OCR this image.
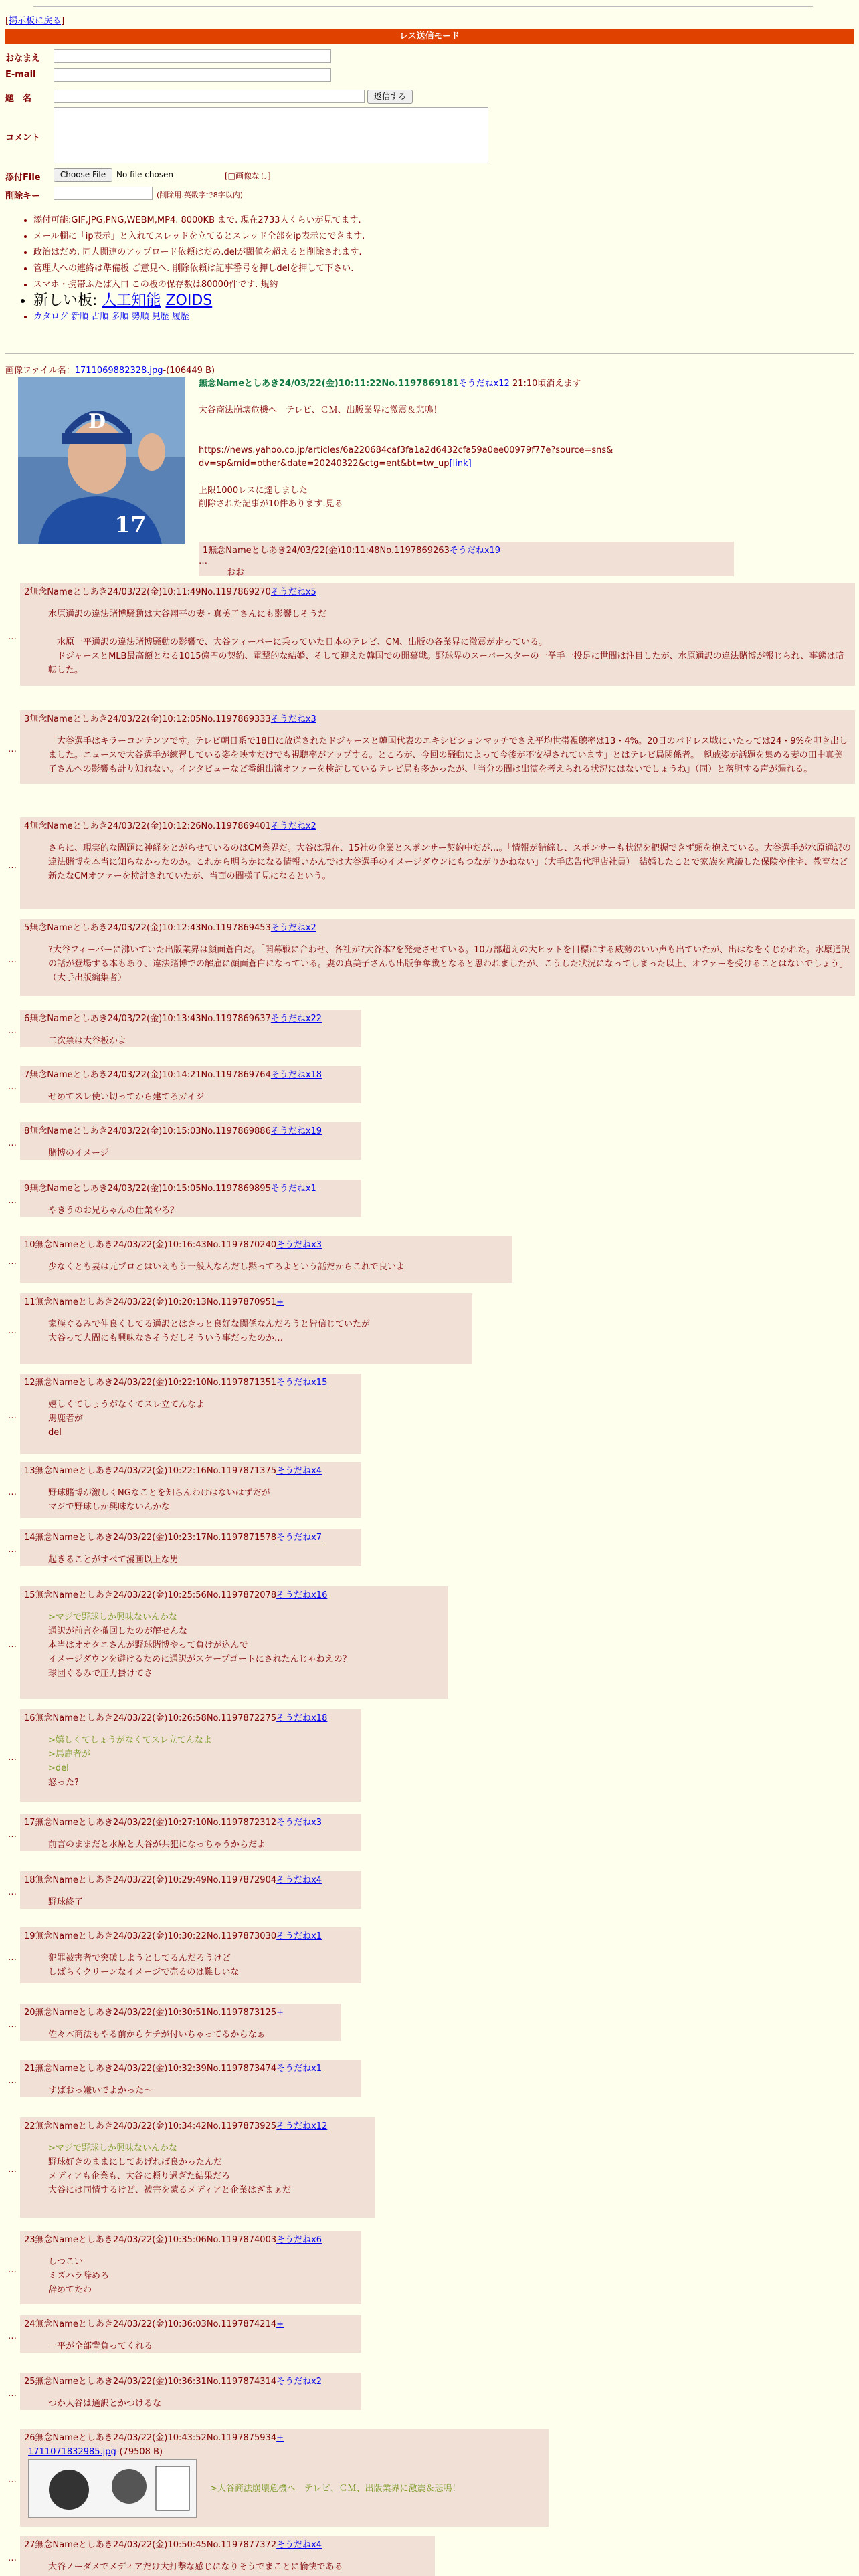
[掲示板に戻る]
レス送信モード
おなまえ
E-mail
題　名	返信する
コメント
添付File	Choose File	No file chosen	[□画像なし]
削除キー	(削除用.英数字で8字以内)
• 添付可能:GIF,JPG,PNG,WEBM,MP4. 8000KB まで. 現在2733人くらいが見てます.
• メール欄に「ip表示」と入れてスレッドを立てるとスレッド全部をip表示にできます.
• 政治はだめ. 同人関連のアップロード依頼はだめ.delが閾値を超えると削除されます.
• 管理人への連絡は準備板 ご意見へ. 削除依頼は記事番号を押しdelを押して下さい.
• スマホ・携帯ふたば入口 この板の保存数は80000件です. 規約
• 新しい板: 人工知能 ZOIDS
• カタログ 新順 古順 多順 勢順 見歴 履歴
画像ファイル名：1711069882328.jpg-(106449 B)
D
17
無念Nameとしあき24/03/22(金)10:11:22No.1197869181そうだねx12 21:10頃消えます
大谷商法崩壊危機へ　テレビ、ＣＭ、出版業界に激震＆悲鳴！
https://news.yahoo.co.jp/articles/6a220684caf3fa1a2d6432cfa59a0ee00979f77e?source=sns&dv=sp&mid=other&date=20240322&ctg=ent&bt=tw_up[link]
上限1000レスに達しました
削除された記事が10件あります.見る
1無念Nameとしあき24/03/22(金)10:11:48No.1197869263そうだねx19
おお
…
2無念Nameとしあき24/03/22(金)10:11:49No.1197869270そうだねx5
水原通訳の違法賭博騒動は大谷翔平の妻・真美子さんにも影響しそうだ

　水原一平通訳の違法賭博騒動の影響で、大谷フィーバーに乗っていた日本のテレビ、CM、出版の各業界に激震が走っている。
　ドジャースとMLB最高額となる1015億円の契約、電撃的な結婚、そして迎えた韓国での開幕戦。野球界のスーパースターの一挙手一投足に世間は注目したが、水原通訳の違法賭博が報じられ、事態は暗転した。
…
3無念Nameとしあき24/03/22(金)10:12:05No.1197869333そうだねx3
「大谷選手はキラーコンテンツです。テレビ朝日系で18日に放送されたドジャースと韓国代表のエキシビションマッチでさえ平均世帯視聴率は13・4%。20日のパドレス戦にいたっては24・9%を叩き出しました。ニュースで大谷選手が練習している姿を映すだけでも視聴率がアップする。ところが、今回の騒動によって今後が不安視されています」とはテレビ局関係者。　親戚姿が話題を集める妻の田中真美子さんへの影響も計り知れない。インタビューなど番組出演オファーを検討しているテレビ局も多かったが、「当分の間は出演を考えられる状況にはないでしょうね」（同）と落胆する声が漏れる。
…
4無念Nameとしあき24/03/22(金)10:12:26No.1197869401そうだねx2
さらに、現実的な問題に神経をとがらせているのはCM業界だ。大谷は現在、15社の企業とスポンサー契約中だが…。「情報が錯綜し、スポンサーも状況を把握できず頭を抱えている。大谷選手が水原通訳の違法賭博を本当に知らなかったのか。これから明らかになる情報いかんでは大谷選手のイメージダウンにもつながりかねない」（大手広告代理店社員）　結婚したことで家族を意識した保険や住宅、教育など新たなCMオファーを検討されていたが、当面の間様子見になるという。
…
5無念Nameとしあき24/03/22(金)10:12:43No.1197869453そうだねx2
?大谷フィーバーに沸いていた出版業界は顔面蒼白だ。「開幕戦に合わせ、各社が?大谷本?を発売させている。10万部超えの大ヒットを目標にする威勢のいい声も出ていたが、出はなをくじかれた。水原通訳の話が登場する本もあり、違法賭博での解雇に顔面蒼白になっている。妻の真美子さんも出版争奪戦となると思われましたが、こうした状況になってしまった以上、オファーを受けることはないでしょう」（大手出版編集者）
…
6無念Nameとしあき24/03/22(金)10:13:43No.1197869637そうだねx22
二次禁は大谷板かよ
…
7無念Nameとしあき24/03/22(金)10:14:21No.1197869764そうだねx18
せめてスレ使い切ってから建てろガイジ
…
8無念Nameとしあき24/03/22(金)10:15:03No.1197869886そうだねx19
賭博のイメージ
…
9無念Nameとしあき24/03/22(金)10:15:05No.1197869895そうだねx1
やきうのお兄ちゃんの仕業やろ？
…
10無念Nameとしあき24/03/22(金)10:16:43No.1197870240そうだねx3
少なくとも妻は元プロとはいえもう一般人なんだし黙ってろよという話だからこれで良いよ
…
11無念Nameとしあき24/03/22(金)10:20:13No.1197870951+
家族ぐるみで仲良くしてる通訳とはきっと良好な関係なんだろうと皆信じていたが
大谷って人間にも興味なさそうだしそういう事だったのか…
…
12無念Nameとしあき24/03/22(金)10:22:10No.1197871351そうだねx15
嬉しくてしょうがなくてスレ立てんなよ
馬鹿者が
del
…
13無念Nameとしあき24/03/22(金)10:22:16No.1197871375そうだねx4
野球賭博が激しくNGなことを知らんわけはないはずだが
マジで野球しか興味ないんかな
…
14無念Nameとしあき24/03/22(金)10:23:17No.1197871578そうだねx7
起きることがすべて漫画以上な男
…
15無念Nameとしあき24/03/22(金)10:25:56No.1197872078そうだねx16
>マジで野球しか興味ないんかな
通訳が前言を撤回したのが解せんな
本当はオオタニさんが野球賭博やって負けが込んで
イメージダウンを避けるために通訳がスケープゴートにされたんじゃねえの？
球団ぐるみで圧力掛けてさ
…
16無念Nameとしあき24/03/22(金)10:26:58No.1197872275そうだねx18
>嬉しくてしょうがなくてスレ立てんなよ
>馬鹿者が
>del
怒った?
…
17無念Nameとしあき24/03/22(金)10:27:10No.1197872312そうだねx3
前言のままだと水原と大谷が共犯になっちゃうからだよ
…
18無念Nameとしあき24/03/22(金)10:29:49No.1197872904そうだねx4
野球終了
…
19無念Nameとしあき24/03/22(金)10:30:22No.1197873030そうだねx1
犯罪被害者で突破しようとしてるんだろうけど
しばらくクリーンなイメージで売るのは難しいな
…
20無念Nameとしあき24/03/22(金)10:30:51No.1197873125+
佐々木商法もやる前からケチが付いちゃってるからなぁ
…
21無念Nameとしあき24/03/22(金)10:32:39No.1197873474そうだねx1
すばおっ嫌いでよかった〜
…
22無念Nameとしあき24/03/22(金)10:34:42No.1197873925そうだねx12
>マジで野球しか興味ないんかな
野球好きのままにしてあげれば良かったんだ
メディアも企業も、大谷に頼り過ぎた結果だろ
大谷には同情するけど、被害を蒙るメディアと企業はざまぁだ
…
23無念Nameとしあき24/03/22(金)10:35:06No.1197874003そうだねx6
しつこい
ミズハラ辞めろ
辞めてたわ
…
24無念Nameとしあき24/03/22(金)10:36:03No.1197874214+
一平が全部背負ってくれる
…
25無念Nameとしあき24/03/22(金)10:36:31No.1197874314そうだねx2
つか大谷は通訳とかつけるな
…
26無念Nameとしあき24/03/22(金)10:43:52No.1197875934+
1711071832985.jpg-(79508 B)
>大谷商法崩壊危機へ　テレビ、ＣＭ、出版業界に激震＆悲鳴！
…
27無念Nameとしあき24/03/22(金)10:50:45No.1197877372そうだねx4
大谷ノーダメでメディアだけ大打撃な感じになりそうでまことに愉快である
…
